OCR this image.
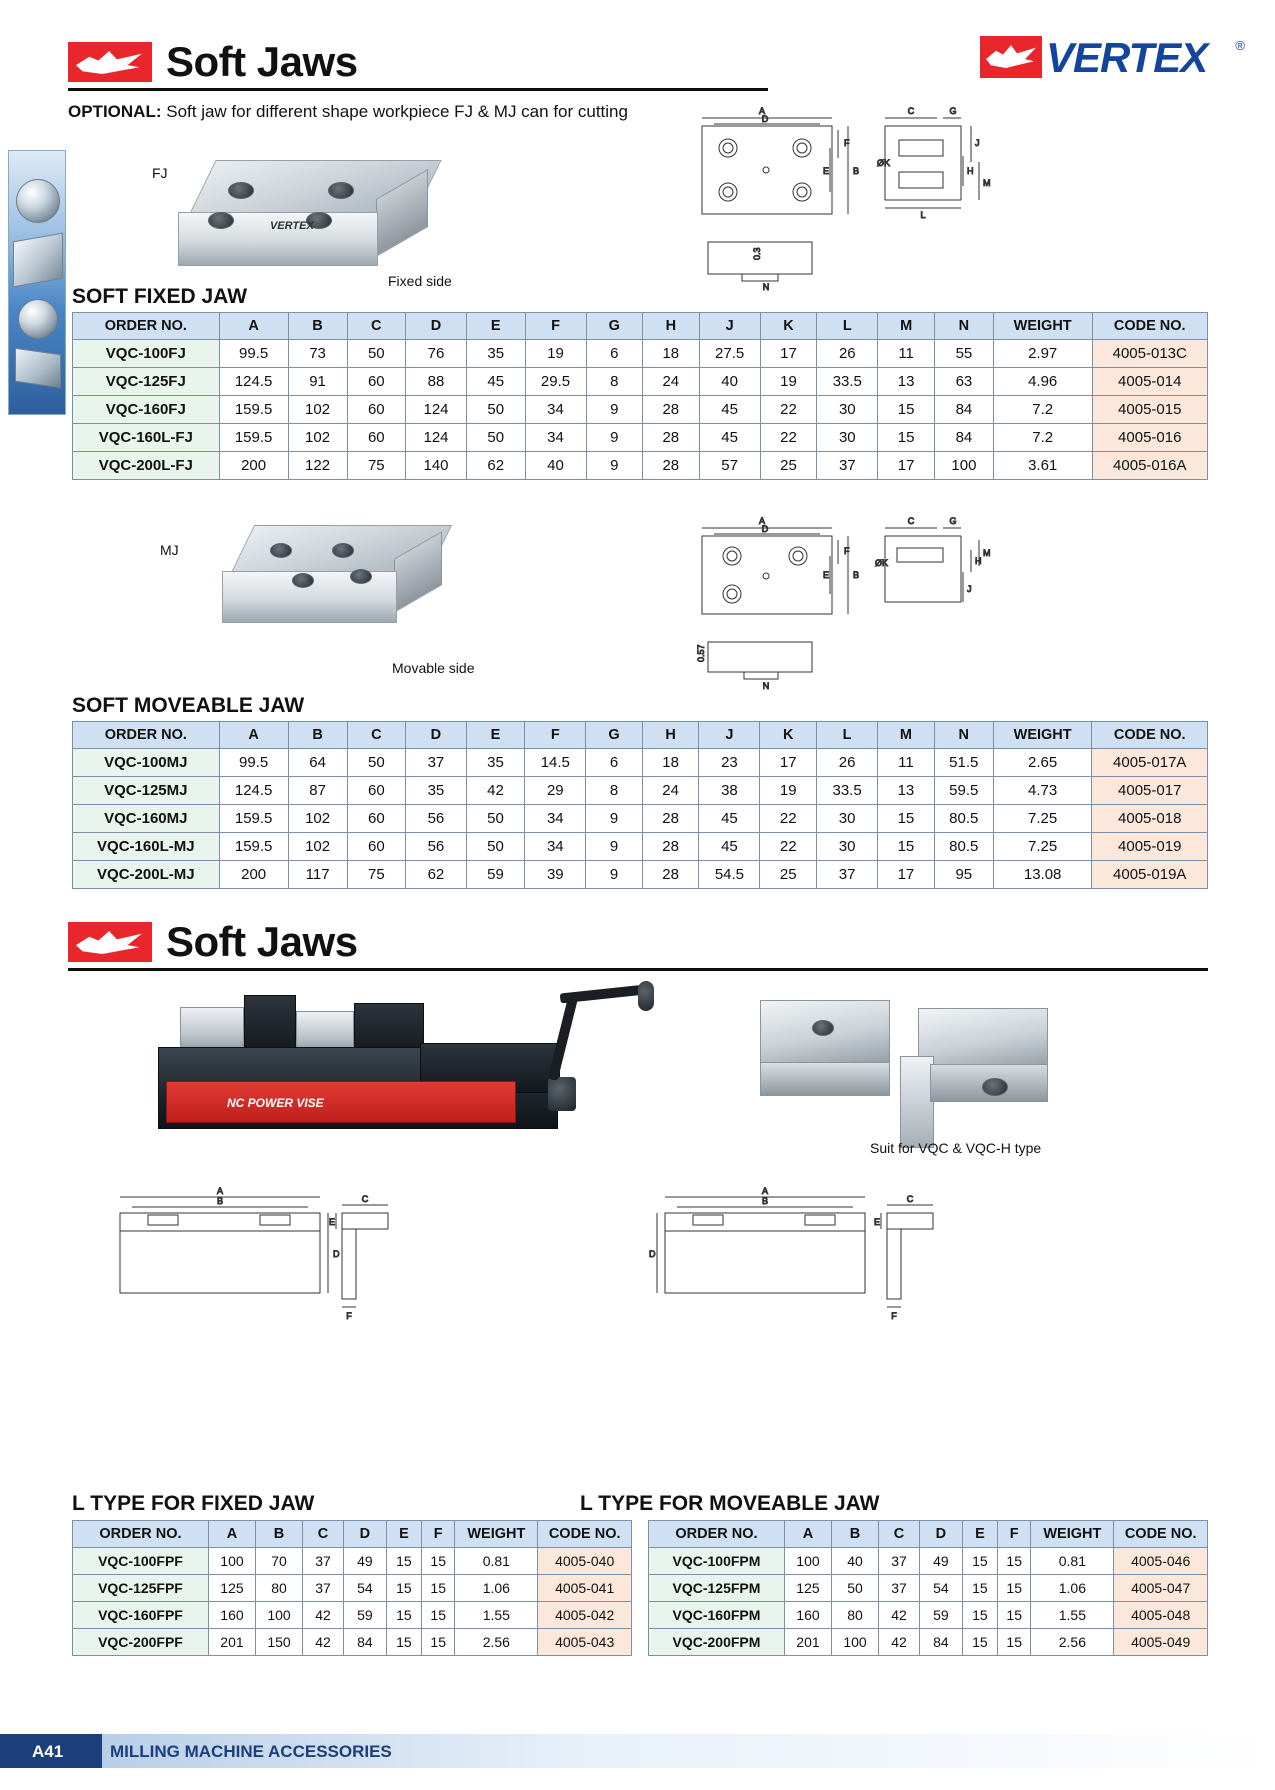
Soft Jaws	VERTEX ®
OPTIONAL: Soft jaw for different shape workpiece FJ & MJ can for cutting
FJ
VERTEX
Fixed side
A
D
F
E	B
N
0.3
C	G
J
H
M
ØK
L
SOFT FIXED JAW
ORDER NO.	A	B	C	D	E	F	G	H	J	K	L	M	N	WEIGHT	CODE NO.
VQC-100FJ	99.5	73	50	76	35	19	6	18	27.5	17	26	11	55	2.97	4005-013C
VQC-125FJ	124.5	91	60	88	45	29.5	8	24	40	19	33.5	13	63	4.96	4005-014
VQC-160FJ	159.5	102	60	124	50	34	9	28	45	22	30	15	84	7.2	4005-015
VQC-160L-FJ	159.5	102	60	124	50	34	9	28	45	22	30	15	84	7.2	4005-016
VQC-200L-FJ	200	122	75	140	62	40	9	28	57	25	37	17	100	3.61	4005-016A
MJ
Movable side
A
D
F
E	B
N
0.57
C	G
H
J
M
ØK
SOFT MOVEABLE JAW
ORDER NO.	A	B	C	D	E	F	G	H	J	K	L	M	N	WEIGHT	CODE NO.
VQC-100MJ	99.5	64	50	37	35	14.5	6	18	23	17	26	11	51.5	2.65	4005-017A
VQC-125MJ	124.5	87	60	35	42	29	8	24	38	19	33.5	13	59.5	4.73	4005-017
VQC-160MJ	159.5	102	60	56	50	34	9	28	45	22	30	15	80.5	7.25	4005-018
VQC-160L-MJ	159.5	102	60	56	50	34	9	28	45	22	30	15	80.5	7.25	4005-019
VQC-200L-MJ	200	117	75	62	59	39	9	28	54.5	25	37	17	95	13.08	4005-019A
Soft Jaws
NC POWER VISE
Suit for VQC & VQC-H type
A
B
D
C
E
F
A
B
D
C
E
F
L TYPE FOR FIXED JAW	L TYPE FOR MOVEABLE JAW
ORDER NO.	A	B	C	D	E	F	WEIGHT	CODE NO.
VQC-100FPF	100	70	37	49	15	15	0.81	4005-040
VQC-125FPF	125	80	37	54	15	15	1.06	4005-041
VQC-160FPF	160	100	42	59	15	15	1.55	4005-042
VQC-200FPF	201	150	42	84	15	15	2.56	4005-043
ORDER NO.	A	B	C	D	E	F	WEIGHT	CODE NO.
VQC-100FPM	100	40	37	49	15	15	0.81	4005-046
VQC-125FPM	125	50	37	54	15	15	1.06	4005-047
VQC-160FPM	160	80	42	59	15	15	1.55	4005-048
VQC-200FPM	201	100	42	84	15	15	2.56	4005-049
A41	MILLING MACHINE ACCESSORIES
